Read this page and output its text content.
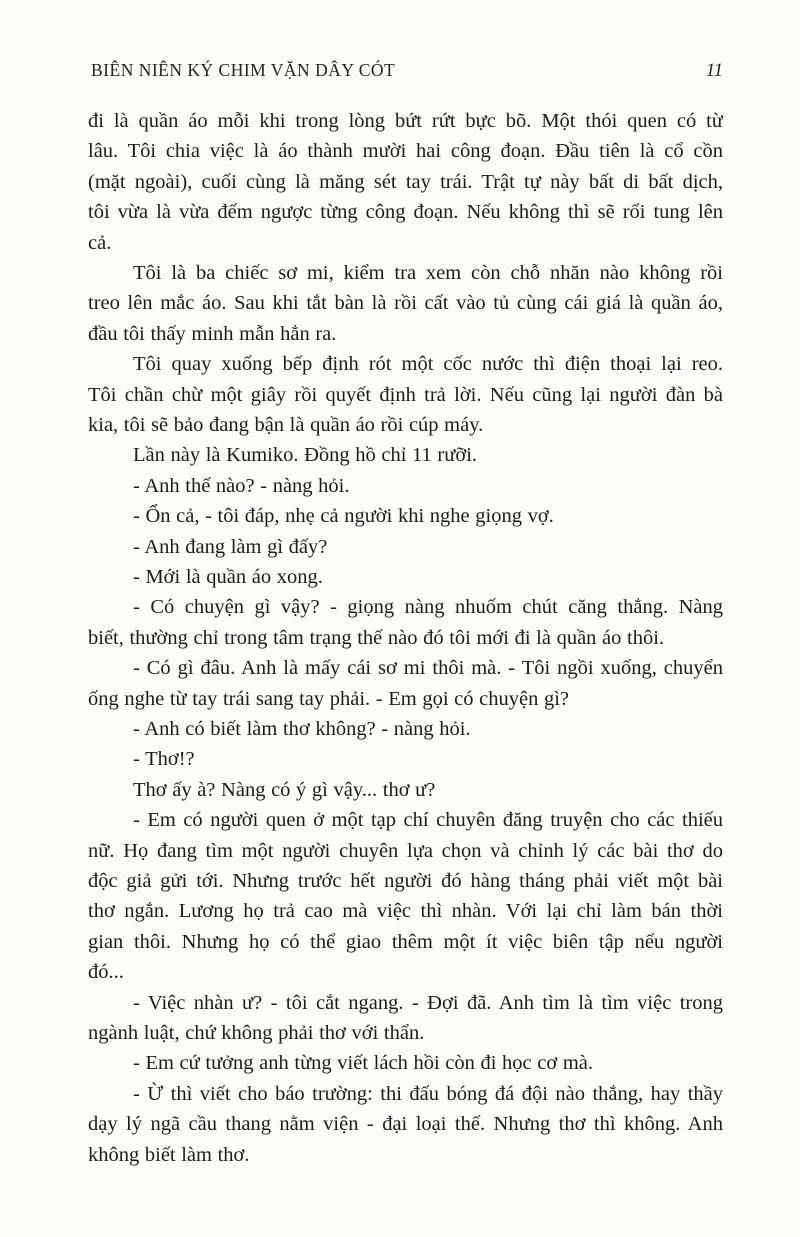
BIÊN NIÊN KÝ CHIM VẶN DÂY CÓT	11
đi là quần áo mỗi khi trong lòng bứt rứt bực bõ. Một thói quen có từ
lâu. Tôi chia việc là áo thành mười hai công đoạn. Đầu tiên là cổ cồn
(mặt ngoài), cuối cùng là măng sét tay trái. Trật tự này bất di bất dịch,
tôi vừa là vừa đếm ngược từng công đoạn. Nếu không thì sẽ rối tung lên
cả.
Tôi là ba chiếc sơ mi, kiểm tra xem còn chỗ nhăn nào không rồi
treo lên mắc áo. Sau khi tắt bàn là rồi cất vào tủ cùng cái giá là quần áo,
đầu tôi thấy minh mẫn hẳn ra.
Tôi quay xuống bếp định rót một cốc nước thì điện thoại lại reo.
Tôi chần chừ một giây rồi quyết định trả lời. Nếu cũng lại người đàn bà
kia, tôi sẽ bảo đang bận là quần áo rồi cúp máy.
Lần này là Kumiko. Đồng hồ chỉ 11 rưỡi.
- Anh thế nào? - nàng hỏi.
- Ổn cả, - tôi đáp, nhẹ cả người khi nghe giọng vợ.
- Anh đang làm gì đấy?
- Mới là quần áo xong.
- Có chuyện gì vậy? - giọng nàng nhuốm chút căng thẳng. Nàng
biết, thường chỉ trong tâm trạng thế nào đó tôi mới đi là quần áo thôi.
- Có gì đâu. Anh là mấy cái sơ mi thôi mà. - Tôi ngồi xuống, chuyển
ống nghe từ tay trái sang tay phải. - Em gọi có chuyện gì?
- Anh có biết làm thơ không? - nàng hỏi.
- Thơ!?
Thơ ấy à? Nàng có ý gì vậy... thơ ư?
- Em có người quen ở một tạp chí chuyên đăng truyện cho các thiếu
nữ. Họ đang tìm một người chuyên lựa chọn và chỉnh lý các bài thơ do
độc giả gửi tới. Nhưng trước hết người đó hàng tháng phải viết một bài
thơ ngắn. Lương họ trả cao mà việc thì nhàn. Với lại chỉ làm bán thời
gian thôi. Nhưng họ có thể giao thêm một ít việc biên tập nếu người
đó...
- Việc nhàn ư? - tôi cắt ngang. - Đợi đã. Anh tìm là tìm việc trong
ngành luật, chứ không phải thơ với thẩn.
- Em cứ tưởng anh từng viết lách hồi còn đi học cơ mà.
- Ừ thì viết cho báo trường: thi đấu bóng đá đội nào thắng, hay thầy
dạy lý ngã cầu thang nằm viện - đại loại thế. Nhưng thơ thì không. Anh
không biết làm thơ.
